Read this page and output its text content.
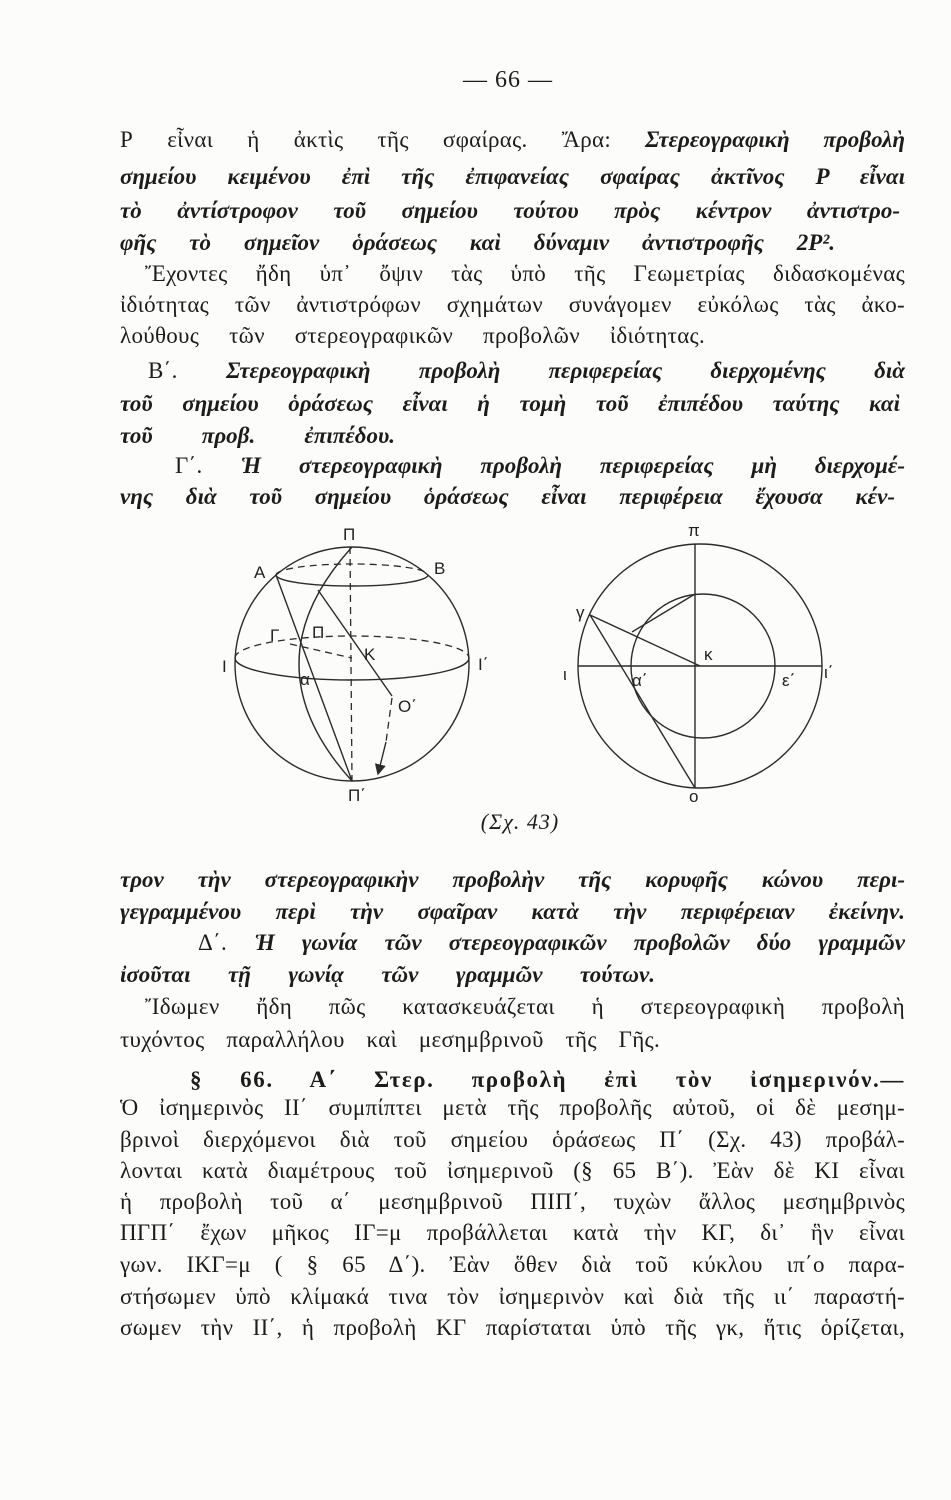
— 66 —
Ρ εἶναι ἡ ἀκτὶς τῆς σφαίρας. Ἄρα: Στερεογραφικὴ προβολὴ
σημείου κειμένου ἐπὶ τῆς ἐπιφανείας σφαίρας ἀκτῖνος Ρ εἶναι
τὸ ἀντίστροφον τοῦ σημείου τούτου πρὸς κέντρον ἀντιστρο-
φῆς τὸ σημεῖον ὁράσεως καὶ δύναμιν ἀντιστροφῆς 2Ρ².
Ἔχοντες ἤδη ὑπ᾽ ὄψιν τὰς ὑπὸ τῆς Γεωμετρίας διδασκομένας
ἰδιότητας τῶν ἀντιστρόφων σχημάτων συνάγομεν εὐκόλως τὰς ἀκο-
λούθους τῶν στερεογραφικῶν προβολῶν ἰδιότητας.
Β΄. Στερεογραφικὴ προβολὴ περιφερείας διερχομένης διὰ
τοῦ σημείου ὁράσεως εἶναι ἡ τομὴ τοῦ ἐπιπέδου ταύτης καὶ
τοῦ προβ. ἐπιπέδου.
Γ΄. Ἡ στερεογραφικὴ προβολὴ περιφερείας μὴ διερχομέ-
νης διὰ τοῦ σημείου ὁράσεως εἶναι περιφέρεια ἔχουσα κέν-
Π
Α	Β
Γ Π
Κ
Ι	Ι΄
α
Ο΄
Π΄
π
γ
ι	ι΄
α΄
κ
ε΄
ο
(Σχ. 43)
τρον τὴν στερεογραφικὴν προβολὴν τῆς κορυφῆς κώνου περι-
γεγραμμένου περὶ τὴν σφαῖραν κατὰ τὴν περιφέρειαν ἐκείνην.
Δ΄. Ἡ γωνία τῶν στερεογραφικῶν προβολῶν δύο γραμμῶν
ἰσοῦται τῇ γωνίᾳ τῶν γραμμῶν τούτων.
Ἴδωμεν ἤδη πῶς κατασκευάζεται ἡ στερεογραφικὴ προβολὴ
τυχόντος παραλλήλου καὶ μεσημβρινοῦ τῆς Γῆς.
§ 66. Α΄ Στερ. προβολὴ ἐπὶ τὸν ἰσημερινόν.—
Ὁ ἰσημερινὸς ΙΙ΄ συμπίπτει μετὰ τῆς προβολῆς αὐτοῦ, οἱ δὲ μεσημ-
βρινοὶ διερχόμενοι διὰ τοῦ σημείου ὁράσεως Π΄ (Σχ. 43) προβάλ-
λονται κατὰ διαμέτρους τοῦ ἰσημερινοῦ (§ 65 Β΄). Ἐὰν δὲ ΚΙ εἶναι
ἡ προβολὴ τοῦ α΄ μεσημβρινοῦ ΠΙΠ΄, τυχὼν ἄλλος μεσημβρινὸς
ΠΓΠ΄ ἔχων μῆκος ΙΓ=μ προβάλλεται κατὰ τὴν ΚΓ, δι᾽ ἣν εἶναι
γων. ΙΚΓ=μ ( § 65 Δ΄). Ἐὰν ὅθεν διὰ τοῦ κύκλου ιπ΄ο παρα-
στήσωμεν ὑπὸ κλίμακά τινα τὸν ἰσημερινὸν καὶ διὰ τῆς ιι΄ παραστή-
σωμεν τὴν ΙΙ΄, ἡ προβολὴ ΚΓ παρίσταται ὑπὸ τῆς γκ, ἥτις ὁρίζεται,
